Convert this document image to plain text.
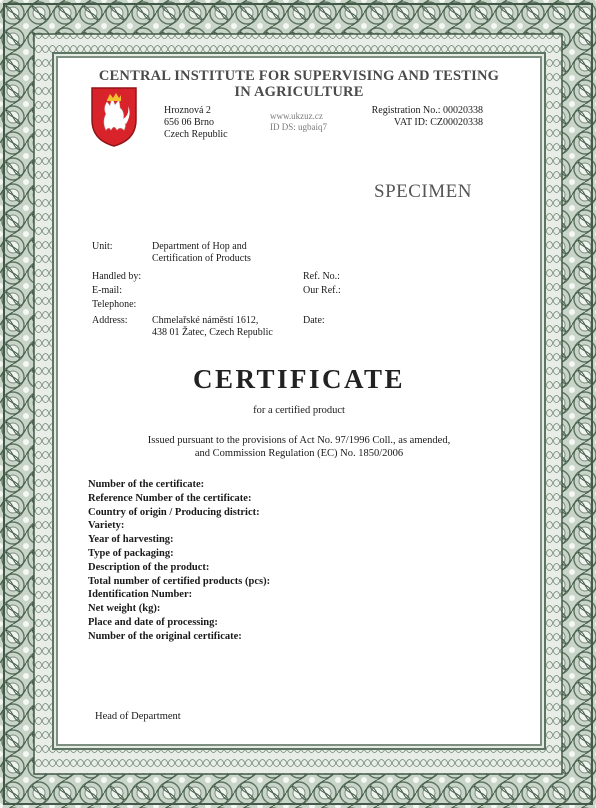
CENTRAL INSTITUTE FOR SUPERVISING AND TESTING
IN AGRICULTURE
Hroznová 2
656 06 Brno
Czech Republic
www.ukzuz.cz
ID DS: ugbaiq7
Registration No.: 00020338
VAT ID: CZ00020338
SPECIMEN
Unit:	Department of Hop and
Certification of Products
Handled by:
E-mail:
Telephone:
Address: Chmelařské náměstí 1612,
438 01 Žatec, Czech Republic
Ref. No.:
Our Ref.:
Date:
CERTIFICATE
for a certified product
Issued pursuant to the provisions of Act No. 97/1996 Coll., as amended,
and Commission Regulation (EC) No. 1850/2006
Number of the certificate:
Reference Number of the certificate:
Country of origin / Producing district:
Variety:
Year of harvesting:
Type of packaging:
Description of the product:
Total number of certified products (pcs):
Identification Number:
Net weight (kg):
Place and date of processing:
Number of the original certificate:
Head of Department
